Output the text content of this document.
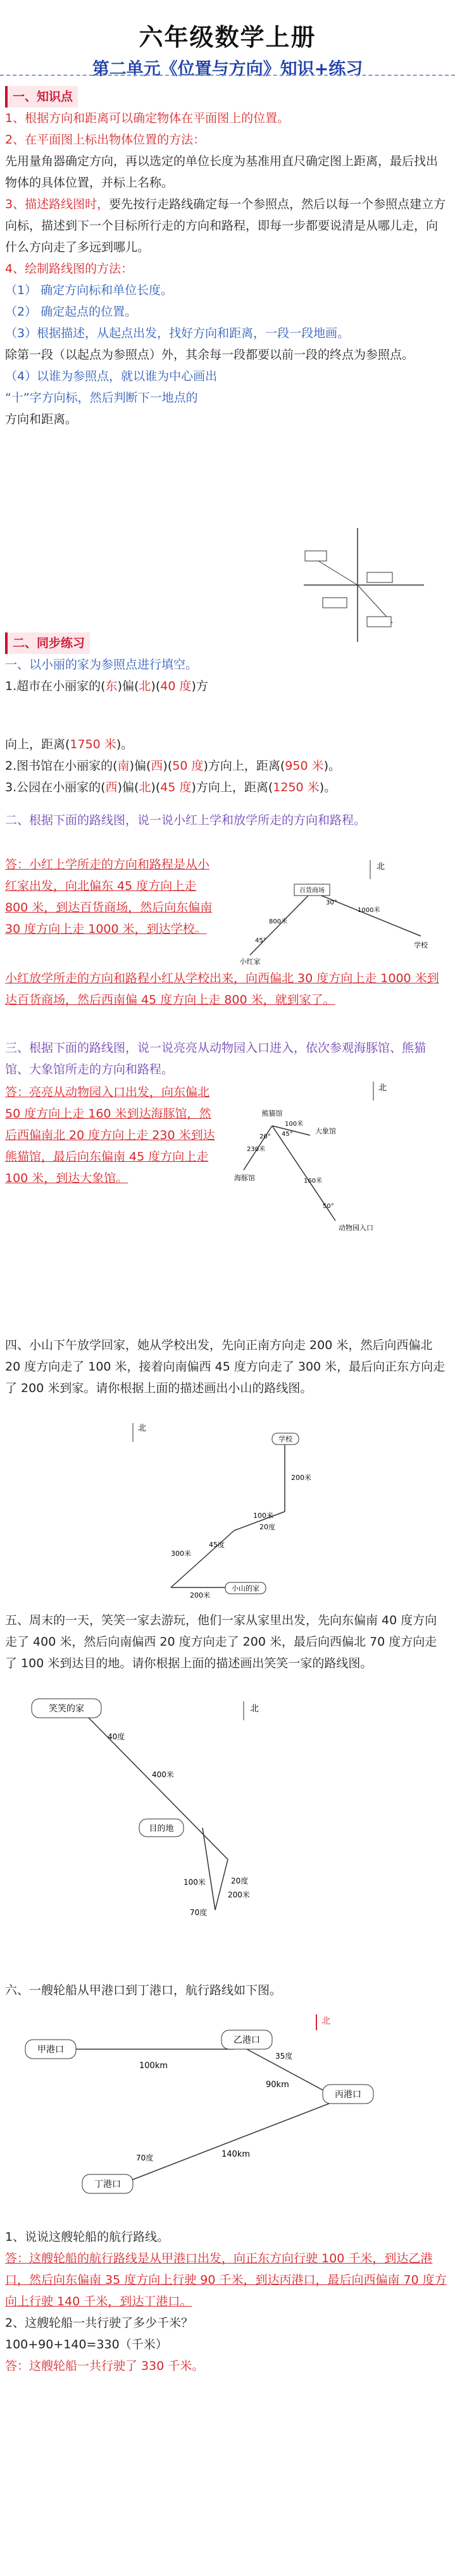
六年级数学上册
第二单元《位置与方向》知识+练习

一、知识点

1、根据方向和距离可以确定物体在平面图上的位置。

2、在平面图上标出物体位置的方法：

先用量角器确定方向，再以选定的单位长度为基准用直尺确定图上距离，最后找出物体的具体位置，并标上名称。

3、描述路线图时，要先按行走路线确定每一个参照点，然后以每一个参照点建立方向标，描述到下一个目标所行走的方向和路程，即每一步都要说清是从哪儿走，向什么方向走了多远到哪儿。

4、绘制路线图的方法：

（1） 确定方向标和单位长度。

（2） 确定起点的位置。

（3）根据描述，从起点出发，找好方向和距离，一段一段地画。

除第一段（以起点为参照点）外，其余每一段都要以前一段的终点为参照点。

（4）以谁为参照点，就以谁为中心画出

“十”字方向标，然后判断下一地点的

方向和距离。

二、同步练习

一、以小丽的家为参照点进行填空。

1.超市在小丽家的(东)偏(北)(40 度)方

向上，距离(1750 米)。

2.图书馆在小丽家的(南)偏(西)(50 度)方向上，距离(950 米)。

3.公园在小丽家的(西)偏(北)(45 度)方向上，距离(1250 米)。

二、根据下面的路线图，说一说小红上学和放学所走的方向和路程。

答：小红上学所走的方向和路程是从小红家出发，向北偏东 45 度方向上走 800 米，到达百货商场，然后向东偏南 30 度方向上走 1000 米，到达学校。

百货商场
学校
小红家
北
800米
1000米
45°
30°

小红放学所走的方向和路程小红从学校出来，向西偏北 30 度方向上走 1000 米到达百货商场，然后西南偏 45 度方向上走 800 米，就到家了。

三、根据下面的路线图，说一说亮亮从动物园入口进入，依次参观海豚馆、熊猫馆、大象馆所走的方向和路程。

答：亮亮从动物园入口出发，向东偏北 50 度方向上走 160 米到达海豚馆，然后西偏南北 20 度方向上走 230 米到达熊猫馆，最后向东偏南 45 度方向上走 100 米，到达大象馆。

熊猫馆
大象馆
海豚馆
动物园入口
北
160米
230米
100米
50°
20° 45°

四、小山下午放学回家，她从学校出发，先向正南方向走 200 米，然后向西偏北 20 度方向走了 100 米，接着向南偏西 45 度方向走了 300 米，最后向正东方向走了 200 米到家。请你根据上面的描述画出小山的路线图。

北
学校
小山的家
200米
100米
300米
200米
20度
45度

五、周末的一天，笑笑一家去游玩，他们一家从家里出发，先向东偏南 40 度方向走了 400 米，然后向南偏西 20 度方向走了 200 米，最后向西偏北 70 度方向走了 100 米到达目的地。请你根据上面的描述画出笑笑一家的路线图。

笑笑的家
目的地
北
400米
200米
100米
40度
20度
70度

六、一艘轮船从甲港口到丁港口，航行路线如下图。

北
甲港口
100km
乙港口
35度
90km
丙港口
140km
70度
丁港口

1、说说这艘轮船的航行路线。

答：这艘轮船的航行路线是从甲港口出发，向正东方向行驶 100 千米，到达乙港口，然后向东偏南 35 度方向上行驶 90 千米，到达丙港口，最后向西偏南 70 度方向上行驶 140 千米，到达丁港口。

2、这艘轮船一共行驶了多少千米？

100+90+140=330（千米）

答：这艘轮船一共行驶了 330 千米。
